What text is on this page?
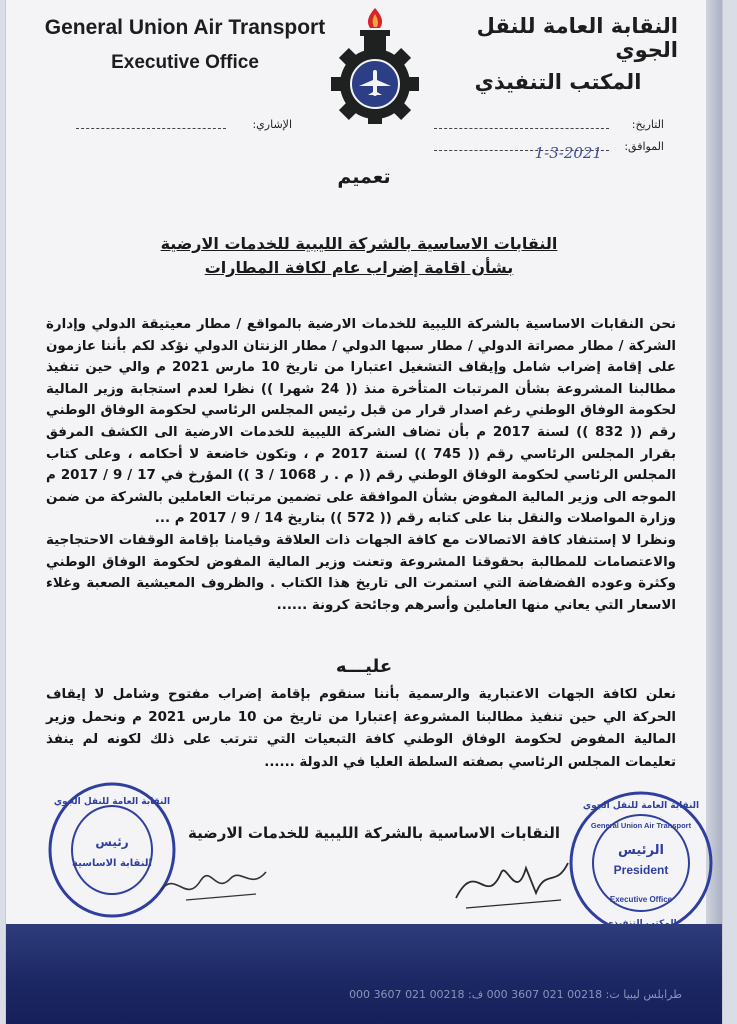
General Union Air Transport
Executive Office
النقابة العامة للنقل الجوي
المكتب التنفيذي
الإشاري:	التاريخ:
الموافق:
1-3-2021
تعميم
النقابات الاساسية بالشركة الليبية للخدمات الارضية
بشأن اقامة إضراب عام لكافة المطارات

نحن النقابات الاساسية بالشركة الليبية للخدمات الارضية بالمواقع / مطار معيتيقة الدولي وإدارة الشركة / مطار مصراتة الدولي / مطار سبها الدولي / مطار الزنتان الدولي نؤكد لكم بأننا عازمون على إقامة إضراب شامل وإيقاف التشغيل اعتبارا من تاريخ 10 مارس 2021 م والي حين تنفيذ مطالبنا المشروعة بشأن المرتبات المتأخرة منذ (( 24 شهرا )) نظرا لعدم استجابة وزير المالية لحكومة الوفاق الوطني رغم اصدار قرار من قبل رئيس المجلس الرئاسي لحكومة الوفاق الوطني رقم (( 832 )) لسنة 2017 م بأن تضاف الشركة الليبية للخدمات الارضية الى الكشف المرفق بقرار المجلس الرئاسي رقم (( 745 )) لسنة 2017 م ، وتكون خاضعة لا أحكامه ، وعلى كتاب المجلس الرئاسي لحكومة الوفاق الوطني رقم (( م . ر 1068 / 3 )) المؤرخ في 17 / 9 / 2017 م الموجه الى وزير المالية المفوض بشأن الموافقة على تضمين مرتبات العاملين بالشركة من ضمن وزارة المواصلات والنقل بنا على كتابه رقم (( 572 )) بتاريخ 14 / 9 / 2017 م ...

ونظرا لا إستنفاد كافة الاتصالات مع كافة الجهات ذات العلاقة وقيامنا بإقامة الوقفات الاحتجاجية والاعتصامات للمطالبة بحقوقنا المشروعة وتعنت وزير المالية المفوض لحكومة الوفاق الوطني وكثرة وعوده الفضفاضة التي استمرت الى تاريخ هذا الكتاب . والظروف المعيشية الصعبة وغلاء الاسعار التي يعاني منها العاملين وأسرهم وجائحة كرونة ......

عليـــه
نعلن لكافة الجهات الاعتبارية والرسمية بأننا سنقوم بإقامة إضراب مفتوح وشامل لا إيقاف الحركة الي حين تنفيذ مطالبنا المشروعة إعتبارا من تاريخ من 10 مارس 2021 م ونحمل وزير المالية المفوض لحكومة الوفاق الوطني كافة التبعيات التي تترتب على ذلك لكونه لم ينفذ تعليمات المجلس الرئاسي بصفته السلطة العليا في الدولة ......
النقابة العامة للنقل الجوي
رئيس
النقابة الاساسية
النقابات الاساسية بالشركة الليبية للخدمات الارضية
النقابة العامة للنقل الجوي
General Union Air Transport
الرئيس
President
Executive Office
طرابلس ليبيا ت: 00218 021 3607 000 ف: 00218 021 3607 000
